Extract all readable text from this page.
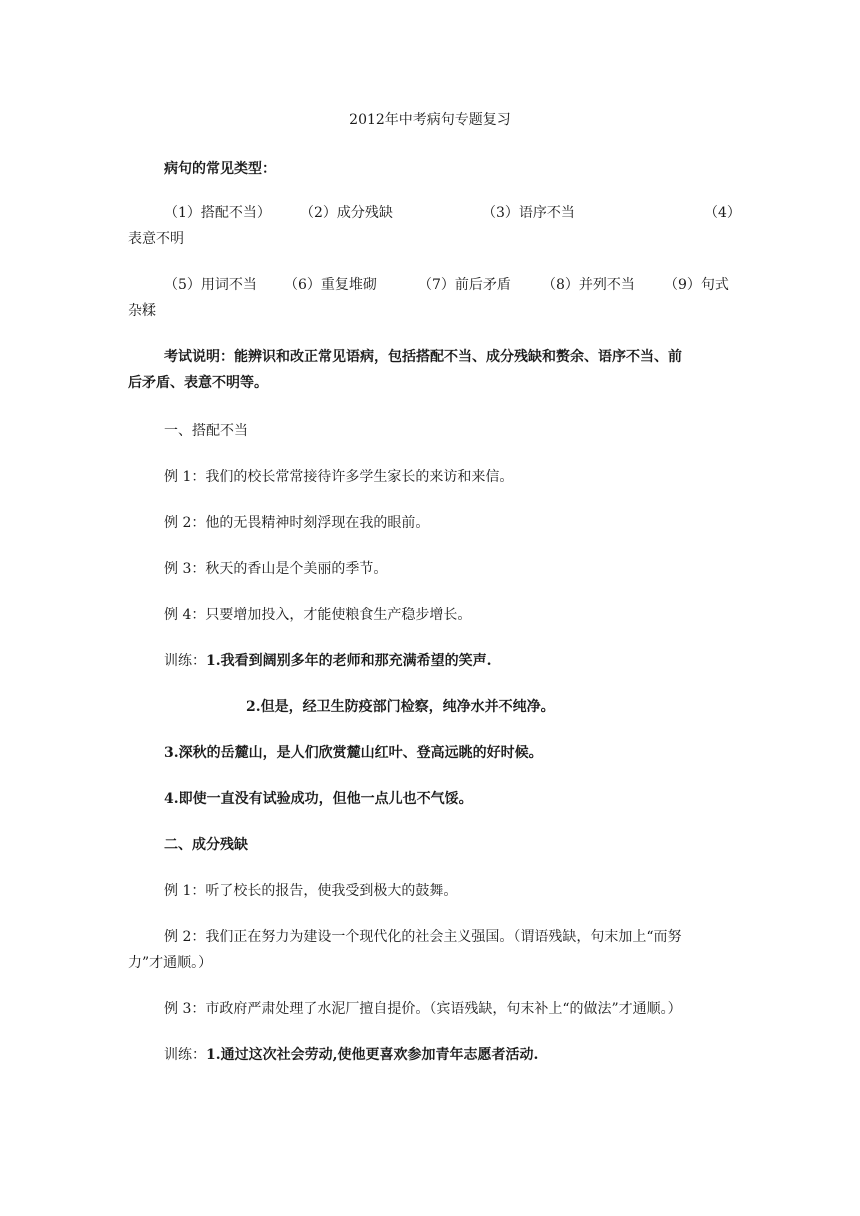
2012年中考病句专题复习
病句的常见类型：
（1）搭配不当） （2）成分残缺	（3）语序不当	（4）
表意不明
（5）用词不当 （6）重复堆砌	（7）前后矛盾 （8）并列不当 （9）句式
杂糅
考试说明：能辨识和改正常见语病，包括搭配不当、成分残缺和赘余、语序不当、前
后矛盾、表意不明等。
一、搭配不当
例 1：我们的校长常常接待许多学生家长的来访和来信。
例 2：他的无畏精神时刻浮现在我的眼前。
例 3：秋天的香山是个美丽的季节。
例 4：只要增加投入，才能使粮食生产稳步增长。
训练：1.我看到阔别多年的老师和那充满希望的笑声.
2.但是，经卫生防疫部门检察，纯净水并不纯净。
3.深秋的岳麓山，是人们欣赏麓山红叶、登高远眺的好时候。
4.即使一直没有试验成功，但他一点儿也不气馁。
二、成分残缺
例 1：听了校长的报告，使我受到极大的鼓舞。
例 2：我们正在努力为建设一个现代化的社会主义强国。（谓语残缺，句末加上“而努
力”才通顺。）
例 3：市政府严肃处理了水泥厂擅自提价。（宾语残缺，句末补上“的做法”才通顺。）
训练：1.通过这次社会劳动,使他更喜欢参加青年志愿者活动.
